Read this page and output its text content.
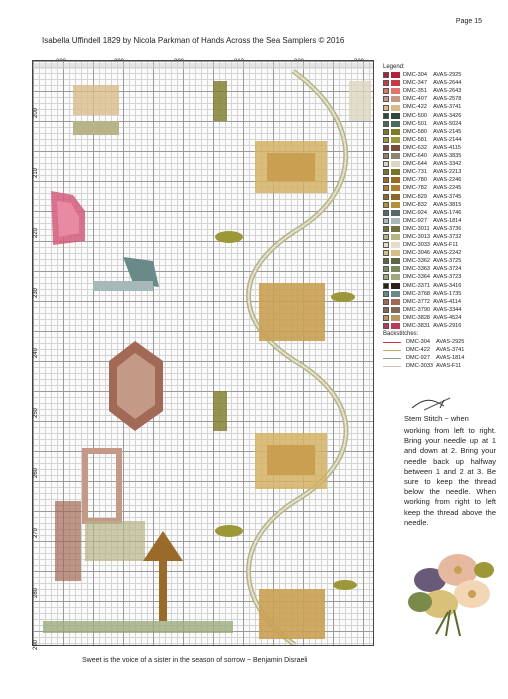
Page 15
Isabella Uffindell 1829 by Nicola Parkman of Hands Across the Sea Samplers © 2016
200
210
220
230
240
250
260
270
280
290
Legend:
DMC-304	AVAS-2925
DMC-347	AVAS-2644
DMC-351	AVAS-2643
DMC-407	AVAS-2578
DMC-422	AVAS-3741
DMC-500	AVAS-3426
DMC-501	AVAS-5024
DMC-580	AVAS-2145
DMC-581	AVAS-2144
DMC-632	AVAS-4115
DMC-640	AVAS-3835
DMC-644	AVAS-3342
DMC-731	AVAS-2213
DMC-780	AVAS-2246
DMC-782	AVAS-2245
DMC-829	AVAS-3745
DMC-832	AVAS-3815
DMC-924	AVAS-1746
DMC-927	AVAS-1814
DMC-3011 AVAS-3736
DMC-3013 AVAS-3732
DMC-3033 AVAS-F11
DMC-3046 AVAS-2242
DMC-3362 AVAS-3725
DMC-3363 AVAS-3724
DMC-3364 AVAS-3723
DMC-3371 AVAS-3416
DMC-3768 AVAS-1735
DMC-3772 AVAS-4114
DMC-3790 AVAS-3344
DMC-3828 AVAS-4524
DMC-3831 AVAS-2916
Backstitches:
DMC-304	AVAS-2925
DMC-422	AVAS-3741
DMC-927	AVAS-1814
DMC-3033 AVAS-F11
Stem Stitch ~ when
working from left to right. Bring your needle up at 1 and down at 2. Bring your needle back up halfway between 1 and 2 at 3. Be sure to keep the thread below the needle. When working from right to left keep the thread above the needle.
Sweet is the voice of a sister in the season of sorrow ~ Benjamin Disraeli
